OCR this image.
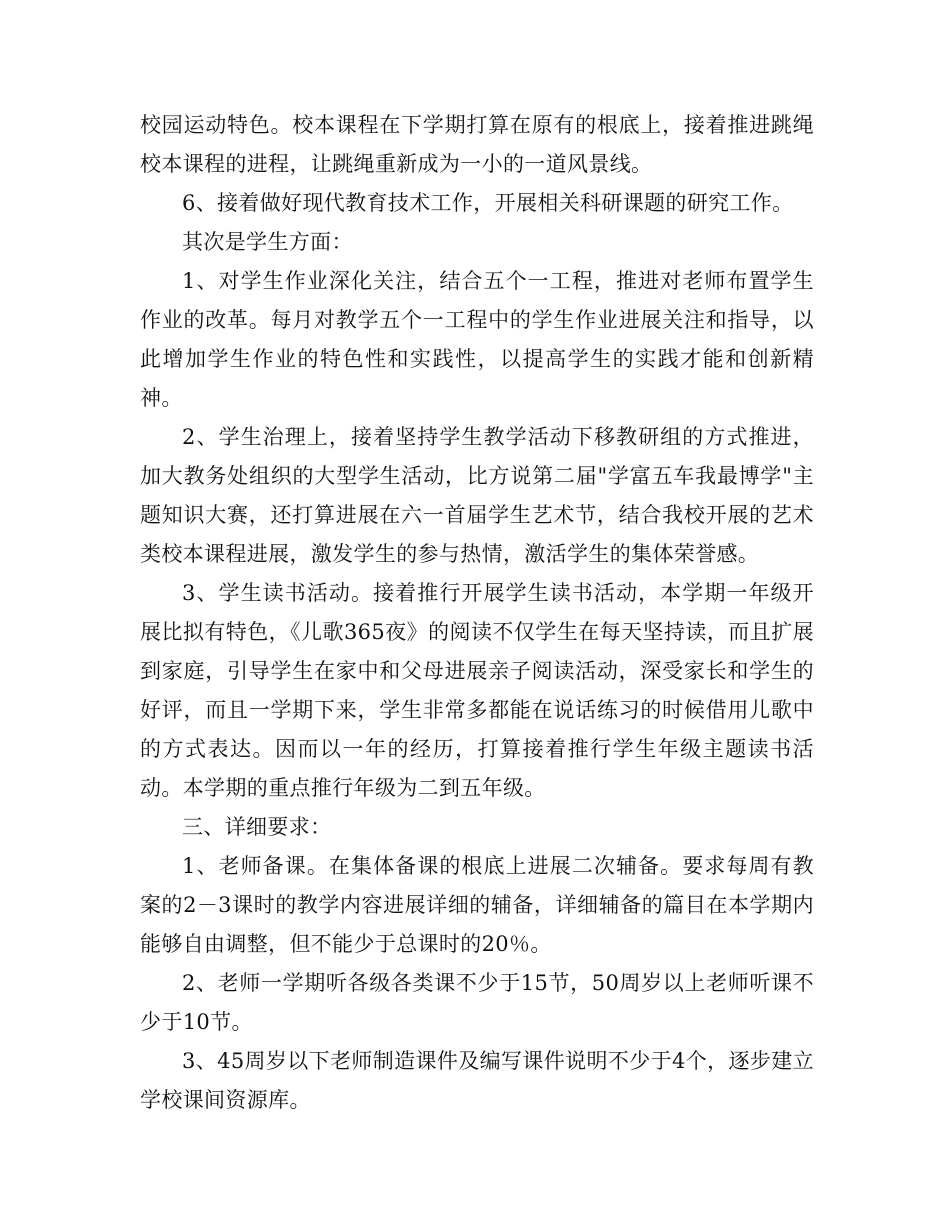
校园运动特色。校本课程在下学期打算在原有的根底上，接着推进跳绳校本课程的进程，让跳绳重新成为一小的一道风景线。

6、接着做好现代教育技术工作，开展相关科研课题的研究工作。

其次是学生方面：

1、对学生作业深化关注，结合五个一工程，推进对老师布置学生作业的改革。每月对教学五个一工程中的学生作业进展关注和指导，以此增加学生作业的特色性和实践性，以提高学生的实践才能和创新精神。

2、学生治理上，接着坚持学生教学活动下移教研组的方式推进，加大教务处组织的大型学生活动，比方说第二届"学富五车我最博学"主题知识大赛，还打算进展在六一首届学生艺术节，结合我校开展的艺术类校本课程进展，激发学生的参与热情，激活学生的集体荣誉感。

3、学生读书活动。接着推行开展学生读书活动，本学期一年级开展比拟有特色，《儿歌365夜》的阅读不仅学生在每天坚持读，而且扩展到家庭，引导学生在家中和父母进展亲子阅读活动，深受家长和学生的好评，而且一学期下来，学生非常多都能在说话练习的时候借用儿歌中的方式表达。因而以一年的经历，打算接着推行学生年级主题读书活动。本学期的重点推行年级为二到五年级。

三、详细要求：

1、老师备课。在集体备课的根底上进展二次辅备。要求每周有教案的2－3课时的教学内容进展详细的辅备，详细辅备的篇目在本学期内能够自由调整，但不能少于总课时的20％。

2、老师一学期听各级各类课不少于15节，50周岁以上老师听课不少于10节。

3、45周岁以下老师制造课件及编写课件说明不少于4个，逐步建立学校课间资源库。
